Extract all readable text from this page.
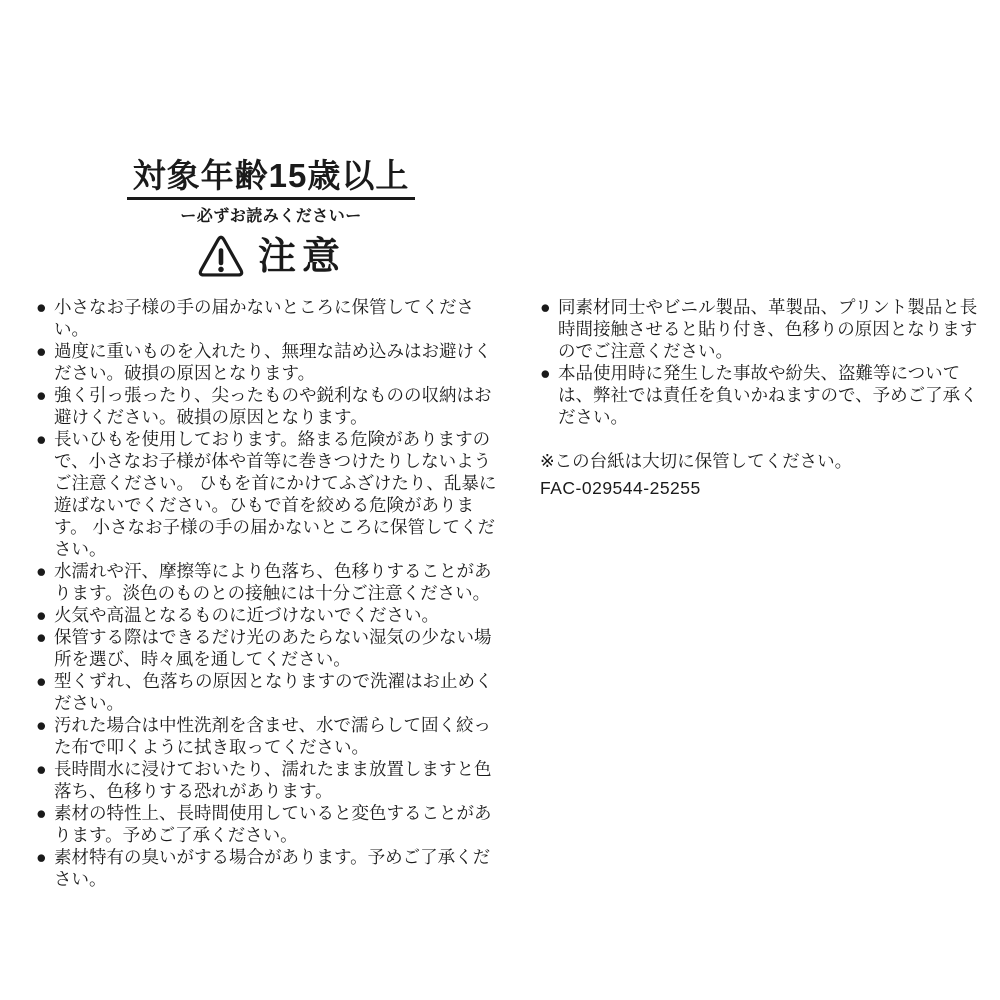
対象年齢15歳以上
ー必ずお読みくださいー
注意
● 小さなお子様の手の届かないところに保管してください。
● 過度に重いものを入れたり、無理な詰め込みはお避けください。破損の原因となります。
● 強く引っ張ったり、尖ったものや鋭利なものの収納はお避けください。破損の原因となります。
● 長いひもを使用しております。絡まる危険がありますので、小さなお子様が体や首等に巻きつけたりしないようご注意ください。 ひもを首にかけてふざけたり、乱暴に遊ばないでください。ひもで首を絞める危険があります。 小さなお子様の手の届かないところに保管してください。
● 水濡れや汗、摩擦等により色落ち、色移りすることがあります。淡色のものとの接触には十分ご注意ください。
● 火気や高温となるものに近づけないでください。
● 保管する際はできるだけ光のあたらない湿気の少ない場所を選び、時々風を通してください。
● 型くずれ、色落ちの原因となりますので洗濯はお止めください。
● 汚れた場合は中性洗剤を含ませ、水で濡らして固く絞った布で叩くように拭き取ってください。
● 長時間水に浸けておいたり、濡れたまま放置しますと色落ち、色移りする恐れがあります。
● 素材の特性上、長時間使用していると変色することがあります。予めご了承ください。
● 素材特有の臭いがする場合があります。予めご了承ください。
● 同素材同士やビニル製品、革製品、プリント製品と長時間接触させると貼り付き、色移りの原因となりますのでご注意ください。
● 本品使用時に発生した事故や紛失、盗難等については、弊社では責任を負いかねますので、予めご了承ください。
※この台紙は大切に保管してください。
FAC-029544-25255
